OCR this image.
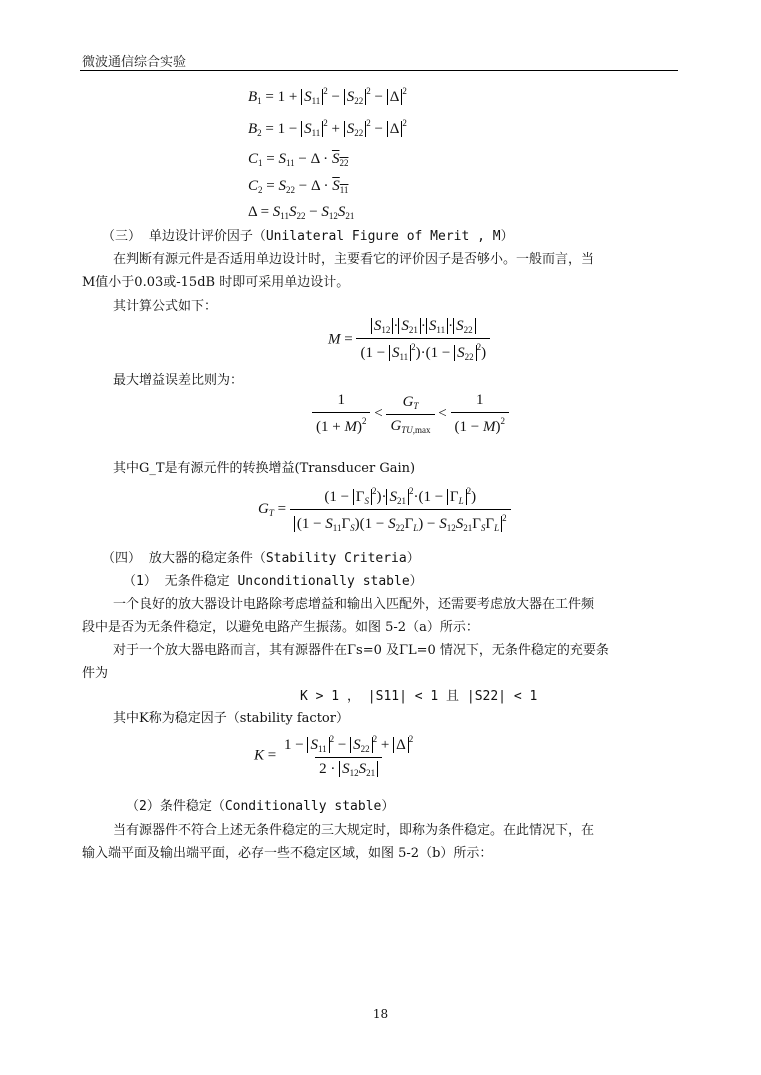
微波通信综合实验
$B_1 = 1 + S_{11}^2 - S_{22}^2 - \Delta$ $^2$
$B_2 = 1 - S_{11}^2 + S_{22}^2 - \Delta$ $^2$
$C_1 = S_{11} - \Delta \cdot S_{22}$
$C_2 = S_{22} - \Delta \cdot S_{11}$
$\Delta = S_{11}S_{22} - S_{12}S_{21}$
（三） 单边设计评价因子（Unilateral Figure of Merit , M）
在判断有源元件是否适用单边设计时，主要看它的评价因子是否够小。一般而言，当
M值小于0.03或-15dB 时即可采用单边设计。
其计算公式如下：
$M = \frac{S_{12} \cdot S_{21} \cdot S_{11} \cdot S_{22}}{(1 - S_{11}^2)\cdot(1 - S_{22}^2)}$
最大增益误差比则为：
$\frac{1}{(1 + M)^2} < \frac{G_T}{G_{TU,max}} < \frac{1}{(1 - M)^2}$
其中G_T是有源元件的转换增益(Transducer Gain)
$G_T = \frac{(1 - \Gamma_S^2)\cdot S_{21}^2\cdot(1 - \Gamma_L^2)}{(1 - S_{11}\Gamma_S)(1 - S_{22}\Gamma_L) - S_{12}S_{21}\Gamma_S\Gamma_L^2}$
（四） 放大器的稳定条件（Stability Criteria）
（1） 无条件稳定 Unconditionally stable）
一个良好的放大器设计电路除考虑增益和输出入匹配外，还需要考虑放大器在工件频
段中是否为无条件稳定，以避免电路产生振荡。如图 5-2（a）所示：
对于一个放大器电路而言，其有源器件在Γs=0 及ΓL=0 情况下，无条件稳定的充要条
件为
K > 1 ， |S11| < 1 且 |S22| < 1
其中K称为稳定因子（stability factor）
$K = \frac{1 - S_{11}^2 - S_{22}^2 + \Delta ^2}{2 \cdot S_{12}S_{21}}$
（2）条件稳定（Conditionally stable）
当有源器件不符合上述无条件稳定的三大规定时，即称为条件稳定。在此情况下，在
输入端平面及输出端平面，必存一些不稳定区域，如图 5-2（b）所示：
18
